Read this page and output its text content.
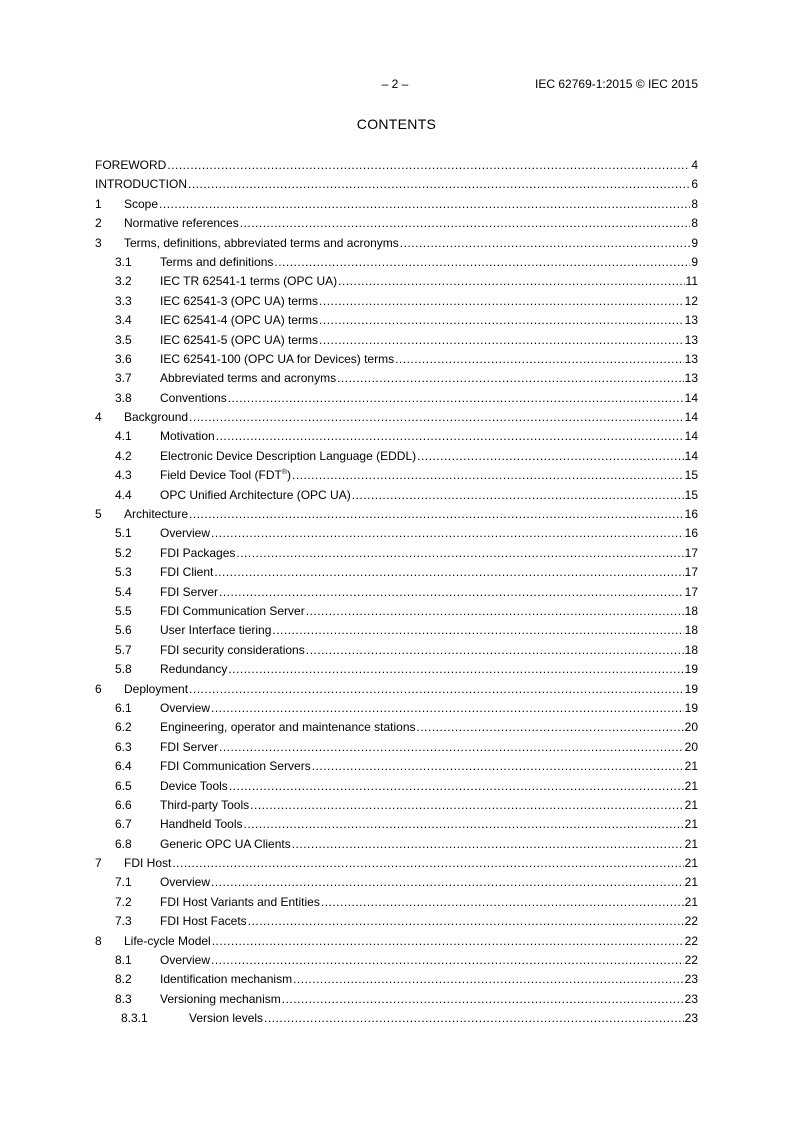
– 2 –	IEC 62769-1:2015 © IEC 2015
CONTENTS
FOREWORD .....	4
INTRODUCTION .....	6
1	Scope .....	8
2	Normative references .....	8
3	Terms, definitions, abbreviated terms and acronyms .....	9
3.1	Terms and definitions .....	9
3.2	IEC TR 62541-1 terms (OPC UA) .....	11
3.3	IEC 62541-3 (OPC UA) terms .....	12
3.4	IEC 62541-4 (OPC UA) terms .....	13
3.5	IEC 62541-5 (OPC UA) terms .....	13
3.6	IEC 62541-100 (OPC UA for Devices) terms .....	13
3.7	Abbreviated terms and acronyms .....	13
3.8	Conventions .....	14
4	Background .....	14
4.1	Motivation .....	14
4.2	Electronic Device Description Language (EDDL) .....	14
4.3	Field Device Tool (FDT®) .....	15
4.4	OPC Unified Architecture (OPC UA) .....	15
5	Architecture .....	16
5.1	Overview .....	16
5.2	FDI Packages .....	17
5.3	FDI Client .....	17
5.4	FDI Server .....	17
5.5	FDI Communication Server .....	18
5.6	User Interface tiering .....	18
5.7	FDI security considerations .....	18
5.8	Redundancy .....	19
6	Deployment .....	19
6.1	Overview .....	19
6.2	Engineering, operator and maintenance stations .....	20
6.3	FDI Server .....	20
6.4	FDI Communication Servers .....	21
6.5	Device Tools .....	21
6.6	Third-party Tools .....	21
6.7	Handheld Tools .....	21
6.8	Generic OPC UA Clients .....	21
7	FDI Host .....	21
7.1	Overview .....	21
7.2	FDI Host Variants and Entities .....	21
7.3	FDI Host Facets .....	22
8	Life-cycle Model .....	22
8.1	Overview .....	22
8.2	Identification mechanism .....	23
8.3	Versioning mechanism .....	23
8.3.1	Version levels .....	23
